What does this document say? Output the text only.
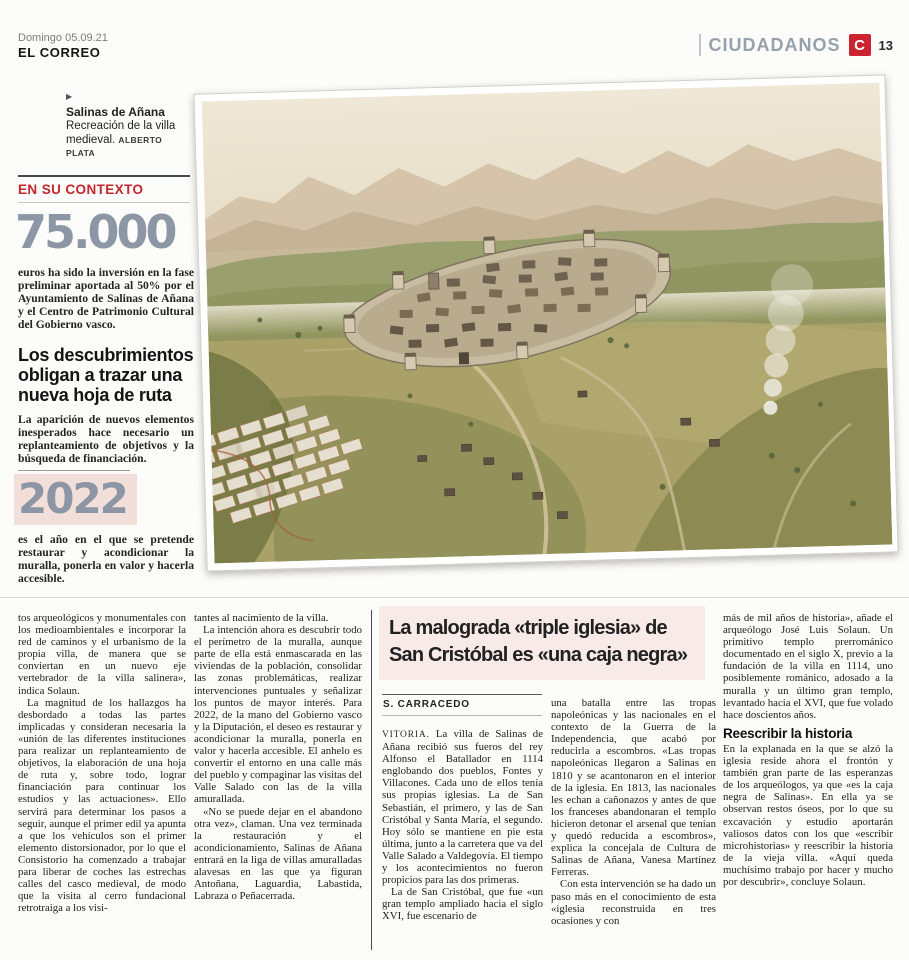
Domingo 05.09.21
EL CORREO	CIUDADANOS C	13
▶
Salinas de Añana
Recreación de la villa medieval. ALBERTO PLATA
EN SU CONTEXTO
75.000
euros ha sido la inversión en la fase preliminar aportada al 50% por el Ayuntamiento de Salinas de Añana y el Centro de Patrimonio Cultural del Gobierno vasco.
Los descubrimientos obligan a trazar una nueva hoja de ruta
La aparición de nuevos elementos inesperados hace necesario un replanteamiento de objetivos y la búsqueda de financiación.
2022
es el año en el que se pretende restaurar y acondicionar la muralla, ponerla en valor y hacerla accesible.

tos arqueológicos y monumentales con los medioambientales e incorporar la red de caminos y el urbanismo de la propia villa, de manera que se conviertan en un nuevo eje vertebrador de la villa salinera», indica Solaun.

La magnitud de los hallazgos ha desbordado a todas las partes implicadas y consideran necesaria la «unión de las diferentes instituciones para realizar un replanteamiento de objetivos, la elaboración de una hoja de ruta y, sobre todo, lograr financiación para continuar los estudios y las actuaciones». Ello servirá para determinar los pasos a seguir, aunque el primer edil ya apunta a que los vehículos son el primer elemento distorsionador, por lo que el Consistorio ha comenzado a trabajar para liberar de coches las estrechas calles del casco medieval, de modo que la visita al cerro fundacional retrotraiga a los visi-

tantes al nacimiento de la villa.

La intención ahora es descubrir todo el perímetro de la muralla, aunque parte de ella está enmascarada en las viviendas de la población, consolidar las zonas problemáticas, realizar intervenciones puntuales y señalizar los puntos de mayor interés. Para 2022, de la mano del Gobierno vasco y la Diputación, el deseo es restaurar y acondicionar la muralla, ponerla en valor y hacerla accesible. El anhelo es convertir el entorno en una calle más del pueblo y compaginar las visitas del Valle Salado con las de la villa amurallada.

«No se puede dejar en el abandono otra vez», claman. Una vez terminada la restauración y el acondicionamiento, Salinas de Añana entrará en la liga de villas amuralladas alavesas en las que ya figuran Antoñana, Laguardia, Labastida, Labraza o Peñacerrada.

La malograda «triple iglesia» de San Cristóbal es «una caja negra»
S. CARRACEDO

VITORIA. La villa de Salinas de Añana recibió sus fueros del rey Alfonso el Batallador en 1114 englobando dos pueblos, Fontes y Villacones. Cada uno de ellos tenía sus propias iglesias. La de San Sebastián, el primero, y las de San Cristóbal y Santa María, el segundo. Hoy sólo se mantiene en pie esta última, junto a la carretera que va del Valle Salado a Valdegovía. El tiempo y los acontecimientos no fueron propicios para las dos primeras.

La de San Cristóbal, que fue «un gran templo ampliado hacia el siglo XVI, fue escenario de

una batalla entre las tropas napoleónicas y las nacionales en el contexto de la Guerra de la Independencia, que acabó por reducirla a escombros. «Las tropas napoleónicas llegaron a Salinas en 1810 y se acantonaron en el interior de la iglesia. En 1813, las nacionales les echan a cañonazos y antes de que los franceses abandonaran el templo hicieron detonar el arsenal que tenían y quedó reducida a escombros», explica la concejala de Cultura de Salinas de Añana, Vanesa Martínez Ferreras.

Con esta intervención se ha dado un paso más en el conocimiento de esta «iglesia reconstruida en tres ocasiones y con

más de mil años de historia», añade el arqueólogo José Luis Solaun. Un primitivo templo prerrománico documentado en el siglo X, previo a la fundación de la villa en 1114, uno posiblemente románico, adosado a la muralla y un último gran templo, levantado hacia el XVI, que fue volado hace doscientos años.

Reescribir la historia

En la explanada en la que se alzó la iglesia reside ahora el frontón y también gran parte de las esperanzas de los arqueólogos, ya que «es la caja negra de Salinas». En ella ya se observan restos óseos, por lo que su excavación y estudio aportarán valiosos datos con los que «escribir microhistorias» y reescribir la historia de la vieja villa. «Aquí queda muchísimo trabajo por hacer y mucho por descubrir», concluye Solaun.
